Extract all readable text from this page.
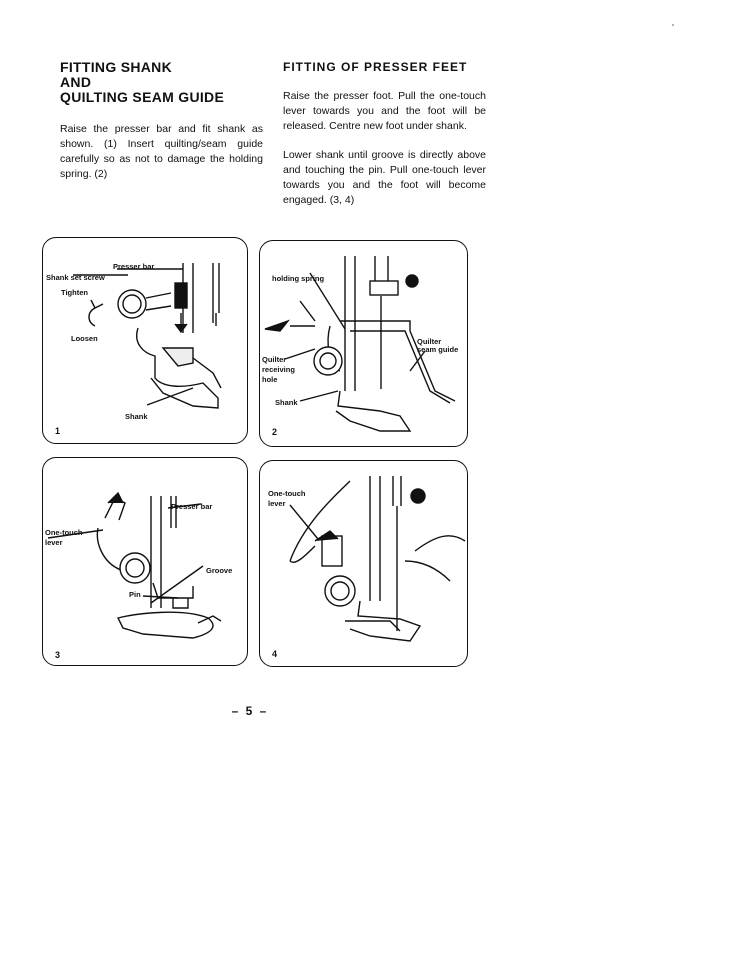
FITTING SHANK
AND
QUILTING SEAM GUIDE
Raise the presser bar and fit shank as shown. (1) Insert quilting/seam guide carefully so as not to damage the holding spring. (2)
FITTING OF PRESSER FEET
Raise the presser foot. Pull the one-touch lever towards you and the foot will be released. Centre new foot under shank.
Lower shank until groove is directly above and touching the pin. Pull one-touch lever towards you and the foot will become engaged. (3, 4)
Presser bar
Shank set screw
Tighten
Loosen
Shank
1
holding spring
Quilter
seam guide
Quilter
receiving
hole
Shank
2
Presser bar
One-touch
lever
Groove
Pin
3
One-touch
lever
4
– 5 –
